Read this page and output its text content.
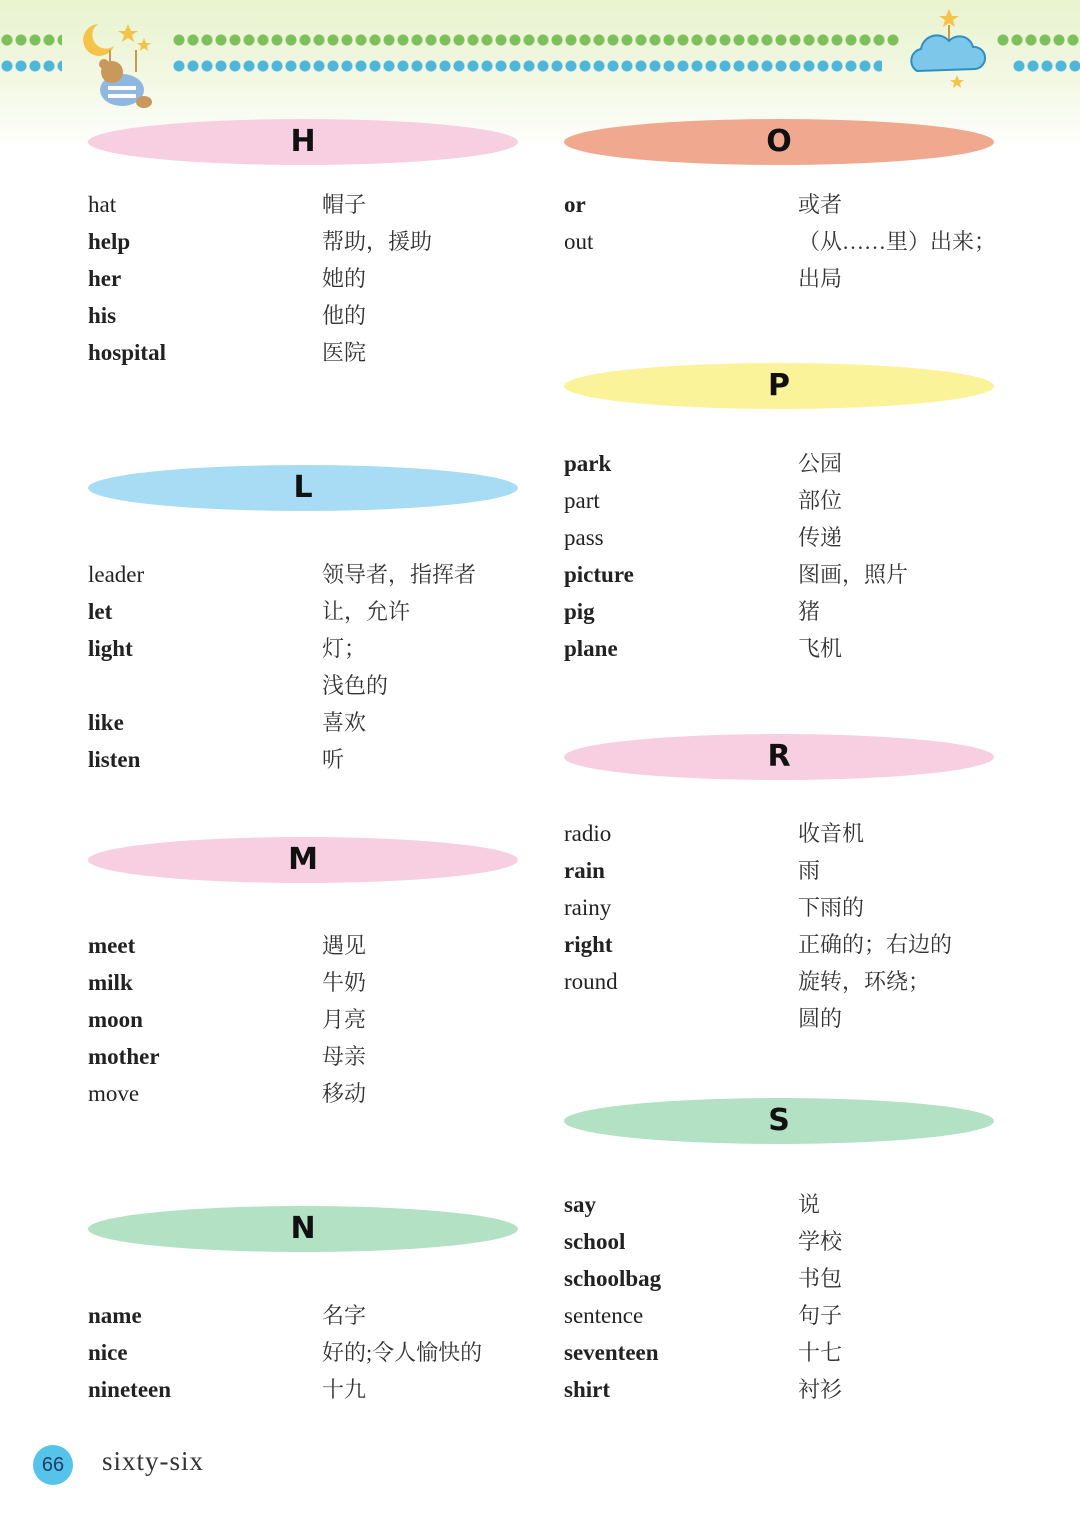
H
hat	帽子
help	帮助，援助
her	她的
his	他的
hospital	医院
L
leader	领导者，指挥者
let	让，允许
light	灯；
浅色的
like	喜欢
listen	听
M
meet	遇见
milk	牛奶
moon	月亮
mother	母亲
move	移动
N
name	名字
nice	好的;令人愉快的
nineteen	十九
O
or	或者
out	（从……里）出来；
出局
P
park	公园
part	部位
pass	传递
picture	图画，照片
pig	猪
plane	飞机
R
radio	收音机
rain	雨
rainy	下雨的
right	正确的；右边的
round	旋转，环绕；
圆的
S
say	说
school	学校
schoolbag	书包
sentence	句子
seventeen	十七
shirt	衬衫
66	sixty-six
